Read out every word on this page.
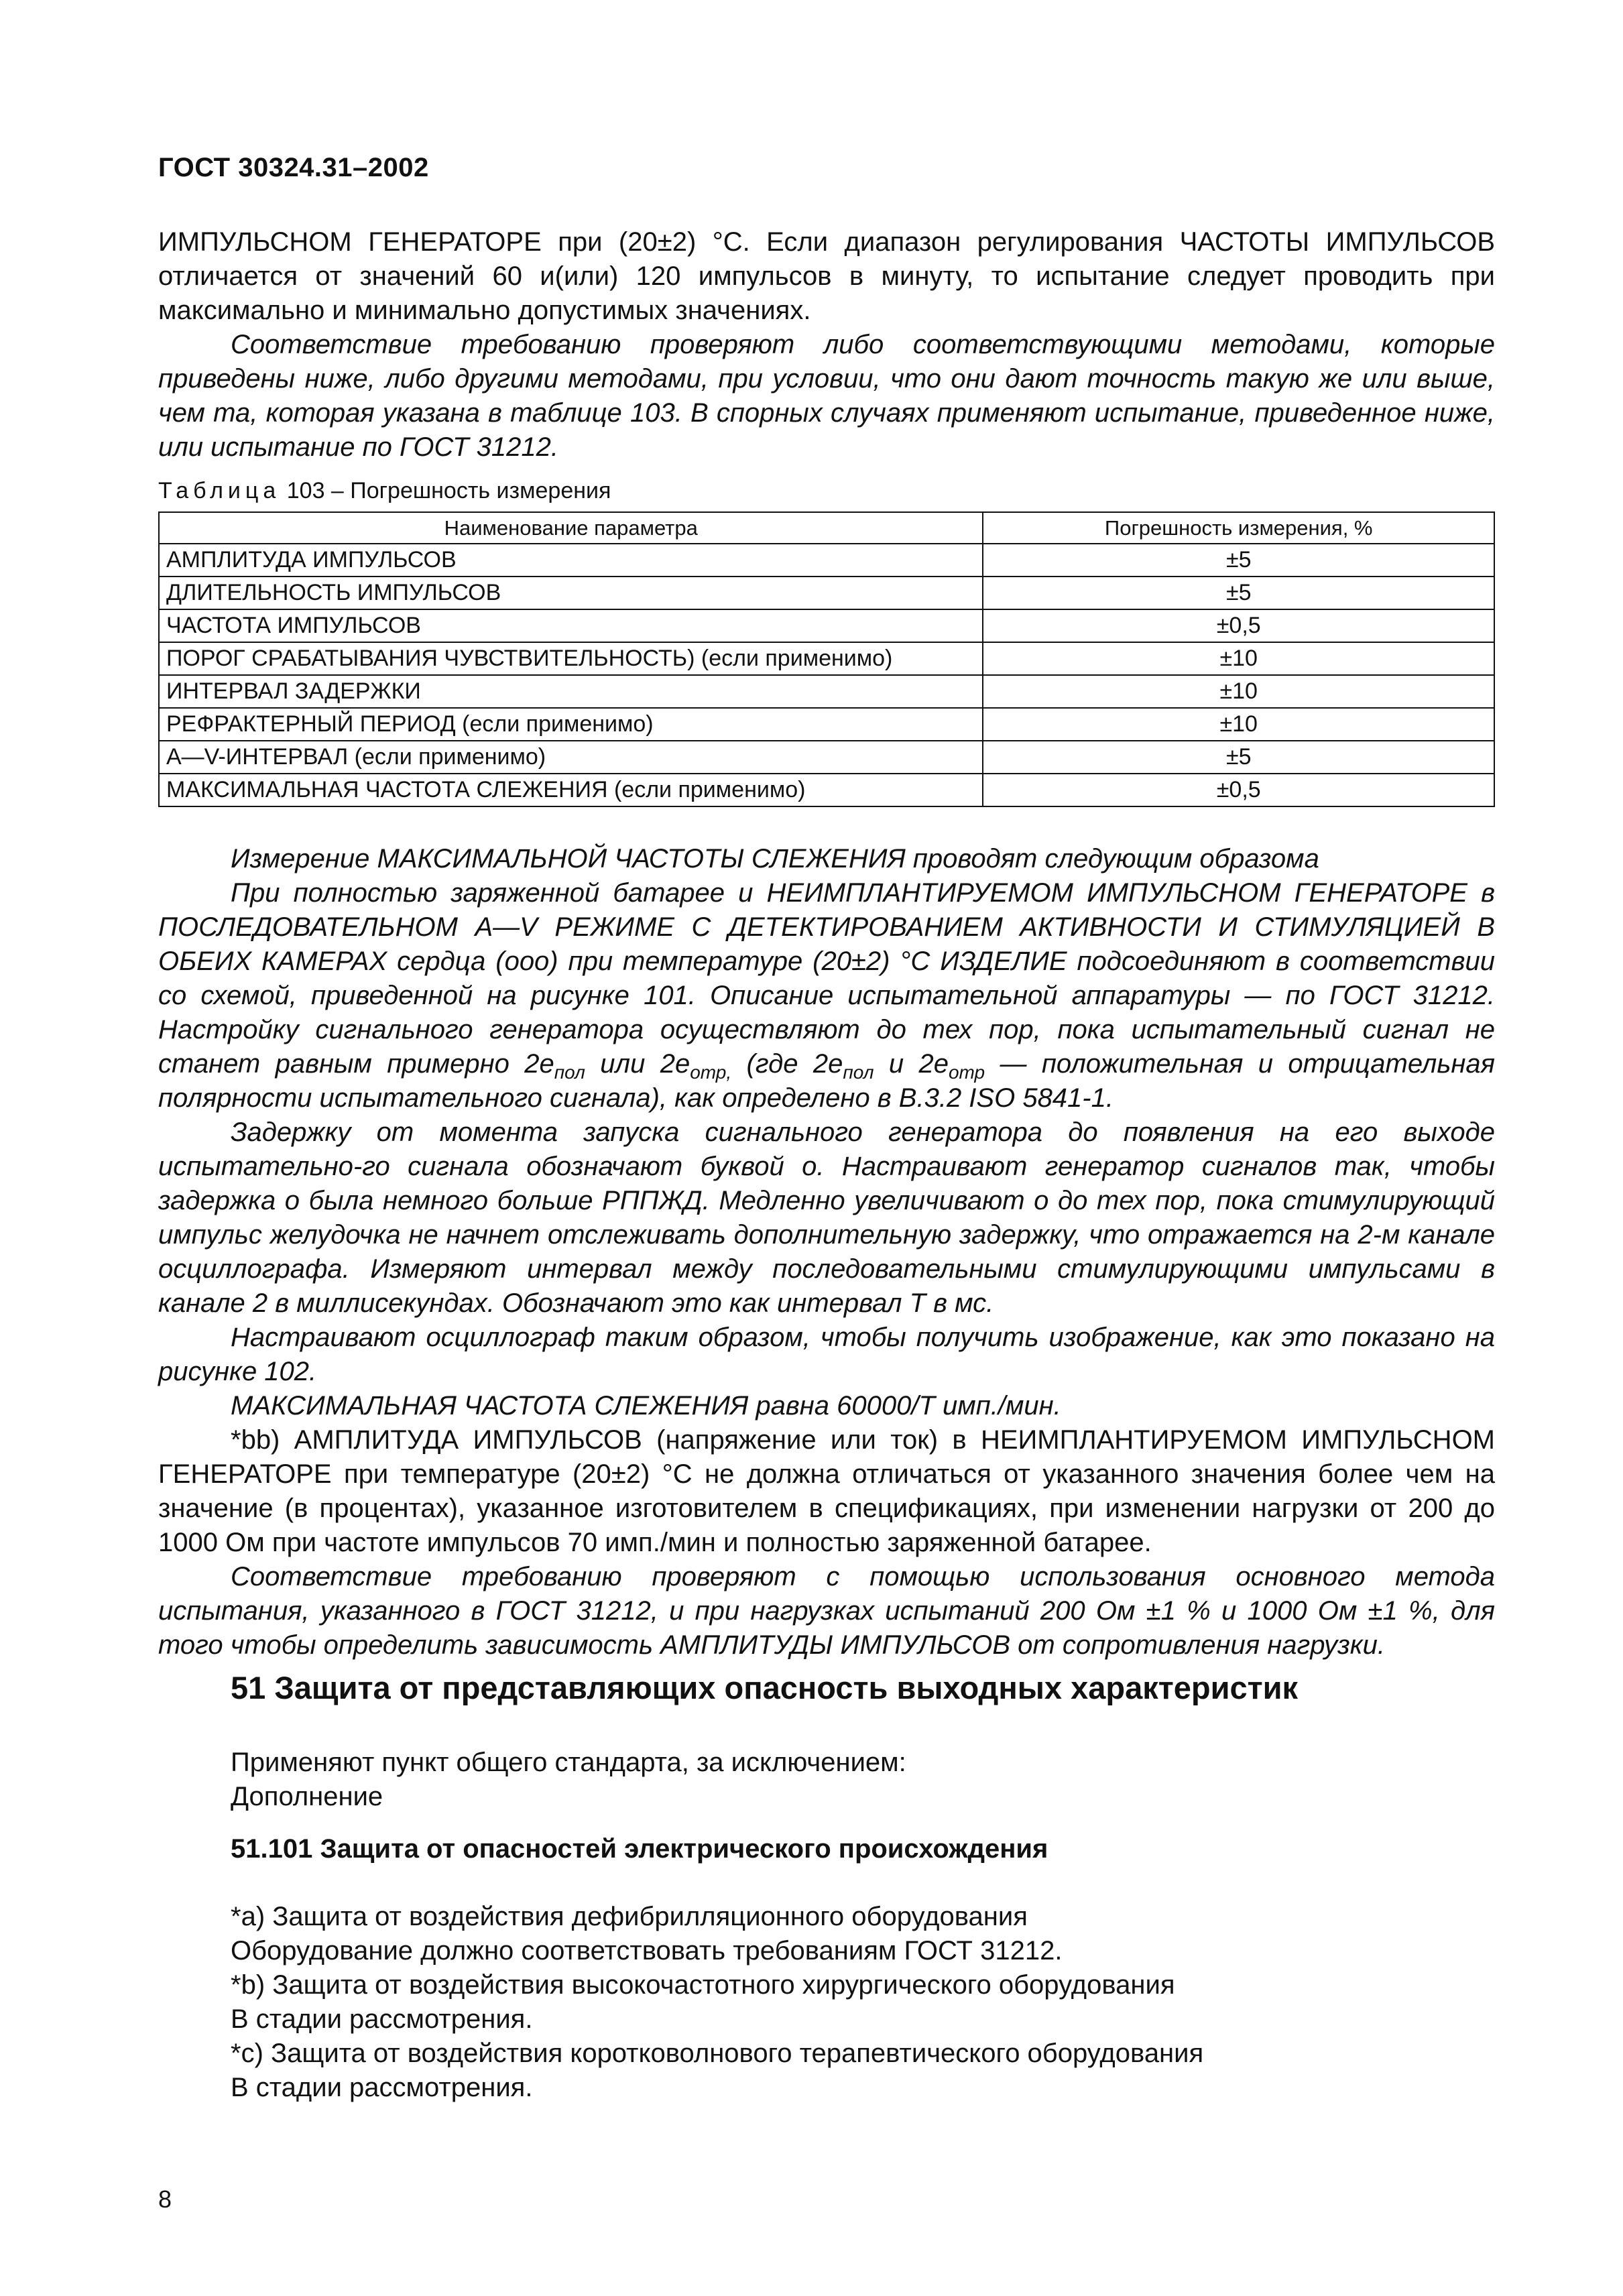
ГОСТ 30324.31–2002

ИМПУЛЬСНОМ ГЕНЕРАТОРЕ при (20±2) °С. Если диапазон регулирования ЧАСТОТЫ ИМПУЛЬСОВ отличается от значений 60 и(или) 120 импульсов в минуту, то испытание следует проводить при максимально и минимально допустимых значениях.

Соответствие требованию проверяют либо соответствующими методами, которые приведены ниже, либо другими методами, при условии, что они дают точность такую же или выше, чем та, которая указана в таблице 103. В спорных случаях применяют испытание, приведенное ниже, или испытание по ГОСТ 31212.

Таблица 103 – Погрешность измерения
Наименование параметра	Погрешность измерения, %
АМПЛИТУДА ИМПУЛЬСОВ	±5
ДЛИТЕЛЬНОСТЬ ИМПУЛЬСОВ	±5
ЧАСТОТА ИМПУЛЬСОВ	±0,5
ПОРОГ СРАБАТЫВАНИЯ ЧУВСТВИТЕЛЬНОСТЬ) (если применимо)	±10
ИНТЕРВАЛ ЗАДЕРЖКИ	±10
РЕФРАКТЕРНЫЙ ПЕРИОД (если применимо)	±10
A—V-ИНТЕРВАЛ (если применимо)	±5
МАКСИМАЛЬНАЯ ЧАСТОТА СЛЕЖЕНИЯ (если применимо)	±0,5

Измерение МАКСИМАЛЬНОЙ ЧАСТОТЫ СЛЕЖЕНИЯ проводят следующим образома

При полностью заряженной батарее и НЕИМПЛАНТИРУЕМОМ ИМПУЛЬСНОМ ГЕНЕРАТОРЕ в ПОСЛЕДОВАТЕЛЬНОМ A—V РЕЖИМЕ С ДЕТЕКТИРОВАНИЕМ АКТИВНОСТИ И СТИМУЛЯЦИЕЙ В ОБЕИХ КАМЕРАХ сердца (ооо) при температуре (20±2) °С ИЗДЕЛИЕ подсоединяют в соответствии со схемой, приведенной на рисунке 101. Описание испытательной аппаратуры — по ГОСТ 31212. Настройку сигнального генератора осуществляют до тех пор, пока испытательный сигнал не станет равным примерно $2е_{пол}$ или $2е_{отр,}$ (где $2е_{пол}$ и $2е_{отр}$ — положительная и отрицательная полярности испытательного сигнала), как определено в В.3.2 ISO 5841-1.

Задержку от момента запуска сигнального генератора до появления на его выходе испытательно-го сигнала обозначают буквой о. Настраивают генератор сигналов так, чтобы задержка о была немного больше РППЖД. Медленно увеличивают о до тех пор, пока стимулирующий импульс желудочка не начнет отслеживать дополнительную задержку, что отражается на 2-м канале осциллографа. Измеряют интервал между последовательными стимулирующими импульсами в канале 2 в миллисекундах. Обозначают это как интервал T в мс.

Настраивают осциллограф таким образом, чтобы получить изображение, как это показано на рисунке 102.

МАКСИМАЛЬНАЯ ЧАСТОТА СЛЕЖЕНИЯ равна 60000/T имп./мин.

*bb) АМПЛИТУДА ИМПУЛЬСОВ (напряжение или ток) в НЕИМПЛАНТИРУЕМОМ ИМПУЛЬСНОМ ГЕНЕРАТОРЕ при температуре (20±2) °С не должна отличаться от указанного значения более чем на значение (в процентах), указанное изготовителем в спецификациях, при изменении нагрузки от 200 до 1000 Ом при частоте импульсов 70 имп./мин и полностью заряженной батарее.

Соответствие требованию проверяют с помощью использования основного метода испытания, указанного в ГОСТ 31212, и при нагрузках испытаний 200 Ом ±1 % и 1000 Ом ±1 %, для того чтобы определить зависимость АМПЛИТУДЫ ИМПУЛЬСОВ от сопротивления нагрузки.

51 Защита от представляющих опасность выходных характеристик

Применяют пункт общего стандарта, за исключением:

Дополнение

51.101 Защита от опасностей электрического происхождения

*а) Защита от воздействия дефибрилляционного оборудования

Оборудование должно соответствовать требованиям ГОСТ 31212.

*b) Защита от воздействия высокочастотного хирургического оборудования

В стадии рассмотрения.

*с) Защита от воздействия коротковолнового терапевтического оборудования

В стадии рассмотрения.

8
